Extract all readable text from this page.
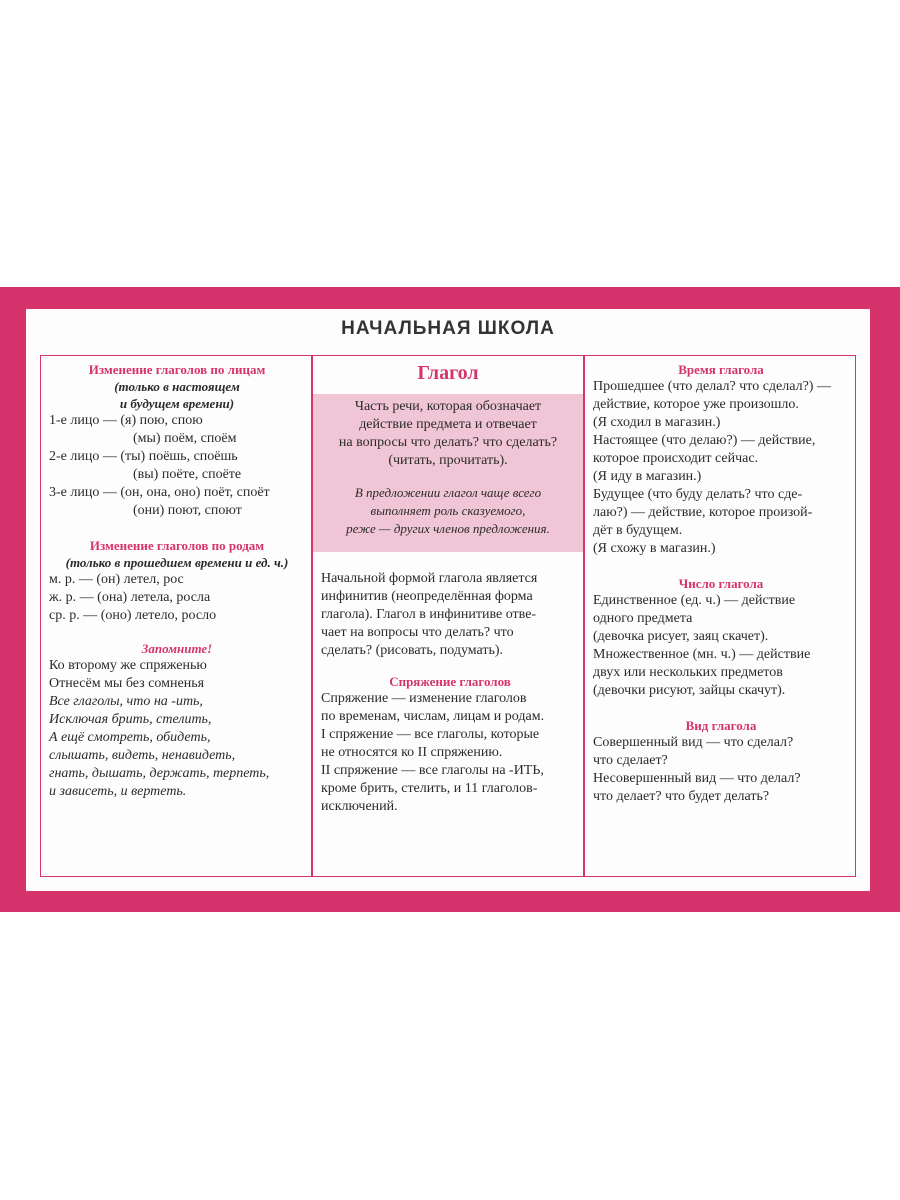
НАЧАЛЬНАЯ ШКОЛА

Изменение глаголов по лицам

(только в настоящем
и будущем времени)
1-е лицо — (я) пою, спою
(мы) поём, споём
2-е лицо — (ты) поёшь, споёшь
(вы) поёте, споёте
3-е лицо — (он, она, оно) поёт, споёт
(они) поют, споют

Изменение глаголов по родам

(только в прошедшем времени и ед. ч.)
м. р. — (он) летел, рос
ж. р. — (она) летела, росла
ср. р. — (оно) летело, росло

Запомните!

Ко второму же спряженью
Отнесём мы без сомненья
Все глаголы, что на -ить,
Исключая брить, стелить,
А ещё смотреть, обидеть,
слышать, видеть, ненавидеть,
гнать, дышать, держать, терпеть,
и зависеть, и вертеть.
Глагол
Часть речи, которая обозначает
действие предмета и отвечает
на вопросы что делать? что сделать?
(читать, прочитать).
В предложении глагол чаще всего
выполняет роль сказуемого,
реже — других членов предложения.
Начальной формой глагола является
инфинитив (неопределённая форма
глагола). Глагол в инфинитиве отве-
чает на вопросы что делать? что
сделать? (рисовать, подумать).

Спряжение глаголов

Спряжение — изменение глаголов
по временам, числам, лицам и родам.
I спряжение — все глаголы, которые
не относятся ко II спряжению.
II спряжение — все глаголы на -ИТЬ,
кроме брить, стелить, и 11 глаголов-
исключений.

Время глагола

Прошедшее (что делал? что сделал?) —
действие, которое уже произошло.
(Я сходил в магазин.)
Настоящее (что делаю?) — действие,
которое происходит сейчас.
(Я иду в магазин.)
Будущее (что буду делать? что сде-
лаю?) — действие, которое произой-
дёт в будущем.
(Я схожу в магазин.)

Число глагола

Единственное (ед. ч.) — действие
одного предмета
(девочка рисует, заяц скачет).
Множественное (мн. ч.) — действие
двух или нескольких предметов
(девочки рисуют, зайцы скачут).

Вид глагола

Совершенный вид — что сделал?
что сделает?
Несовершенный вид — что делал?
что делает? что будет делать?
